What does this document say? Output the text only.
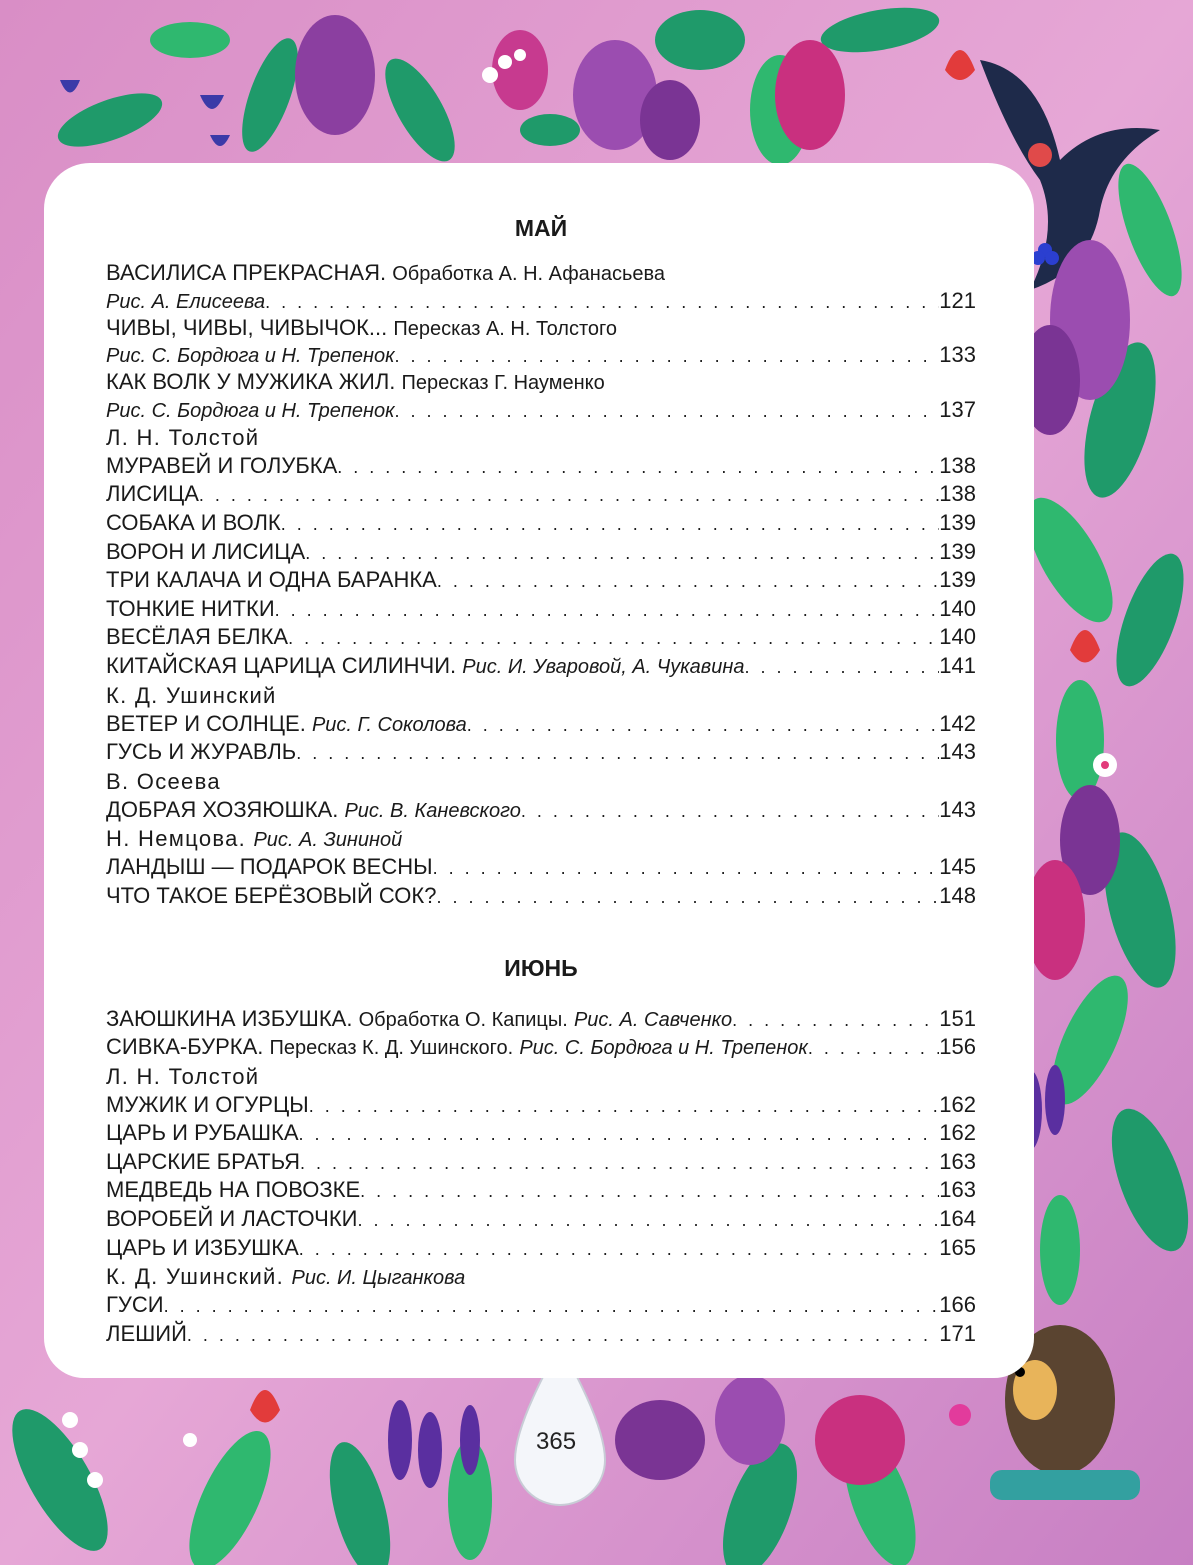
МАЙ
ВАСИЛИСА ПРЕКРАСНАЯ.
Обработка А. Н. Афанасьева
Рис. А. Елисеева . . .	121
ЧИВЫ, ЧИВЫ, ЧИВЫЧОК...
Пересказ А. Н. Толстого
Рис. С. Бордюга и Н. Трепенок . . .	133
КАК ВОЛК У МУЖИКА ЖИЛ.
Пересказ Г. Науменко
Рис. С. Бордюга и Н. Трепенок . . .	137
Л. Н. Толстой
МУРАВЕЙ И ГОЛУБКА . . .	138
ЛИСИЦА . . .	138
СОБАКА И ВОЛК . . .	139
ВОРОН И ЛИСИЦА . . .	139
ТРИ КАЛАЧА И ОДНА БАРАНКА . . .	139
ТОНКИЕ НИТКИ . . .	140
ВЕСЁЛАЯ БЕЛКА . . .	140
КИТАЙСКАЯ ЦАРИЦА СИЛИНЧИ.
Рис. И. Уваровой, А. Чукавина . . .	141
К. Д. Ушинский
ВЕТЕР И СОЛНЦЕ.
Рис. Г. Соколова . . .	142
ГУСЬ И ЖУРАВЛЬ . . .	143
В. Осеева
ДОБРАЯ ХОЗЯЮШКА.
Рис. В. Каневского . . .	143
Н. Немцова. Рис. А. Зининой
ЛАНДЫШ — ПОДАРОК ВЕСНЫ . . .	145
ЧТО ТАКОЕ БЕРЁЗОВЫЙ СОК? . . .	148
ИЮНЬ
ЗАЮШКИНА ИЗБУШКА.
Обработка О. Капицы.
Рис. А. Савченко . . .	151
СИВКА-БУРКА.
Пересказ К. Д. Ушинского.
Рис. С. Бордюга и Н. Трепенок . . .	156
Л. Н. Толстой
МУЖИК И ОГУРЦЫ . . .	162
ЦАРЬ И РУБАШКА . . .	162
ЦАРСКИЕ БРАТЬЯ . . .	163
МЕДВЕДЬ НА ПОВОЗКЕ . . .	163
ВОРОБЕЙ И ЛАСТОЧКИ . . .	164
ЦАРЬ И ИЗБУШКА . . .	165
К. Д. Ушинский. Рис. И. Цыганкова
ГУСИ . . .	166
ЛЕШИЙ . . .	171
365
